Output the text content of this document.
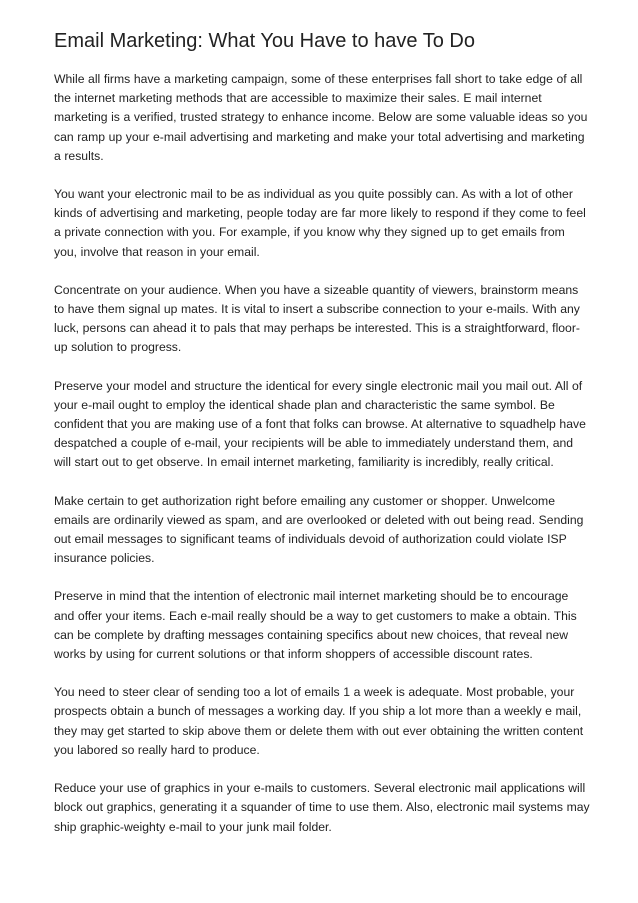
Email Marketing: What You Have to have To Do

While all firms have a marketing campaign, some of these enterprises fall short to take edge of all the internet marketing methods that are accessible to maximize their sales. E mail internet marketing is a verified, trusted strategy to enhance income. Below are some valuable ideas so you can ramp up your e-mail advertising and marketing and make your total advertising and marketing a results.

You want your electronic mail to be as individual as you quite possibly can. As with a lot of other kinds of advertising and marketing, people today are far more likely to respond if they come to feel a private connection with you. For example, if you know why they signed up to get emails from you, involve that reason in your email.

Concentrate on your audience. When you have a sizeable quantity of viewers, brainstorm means to have them signal up mates. It is vital to insert a subscribe connection to your e-mails. With any luck, persons can ahead it to pals that may perhaps be interested. This is a straightforward, floor-up solution to progress.

Preserve your model and structure the identical for every single electronic mail you mail out. All of your e-mail ought to employ the identical shade plan and characteristic the same symbol. Be confident that you are making use of a font that folks can browse. At alternative to squadhelp have despatched a couple of e-mail, your recipients will be able to immediately understand them, and will start out to get observe. In email internet marketing, familiarity is incredibly, really critical.

Make certain to get authorization right before emailing any customer or shopper. Unwelcome emails are ordinarily viewed as spam, and are overlooked or deleted with out being read. Sending out email messages to significant teams of individuals devoid of authorization could violate ISP insurance policies.

Preserve in mind that the intention of electronic mail internet marketing should be to encourage and offer your items. Each e-mail really should be a way to get customers to make a obtain. This can be complete by drafting messages containing specifics about new choices, that reveal new works by using for current solutions or that inform shoppers of accessible discount rates.

You need to steer clear of sending too a lot of emails 1 a week is adequate. Most probable, your prospects obtain a bunch of messages a working day. If you ship a lot more than a weekly e mail, they may get started to skip above them or delete them with out ever obtaining the written content you labored so really hard to produce.

Reduce your use of graphics in your e-mails to customers. Several electronic mail applications will block out graphics, generating it a squander of time to use them. Also, electronic mail systems may ship graphic-weighty e-mail to your junk mail folder.
